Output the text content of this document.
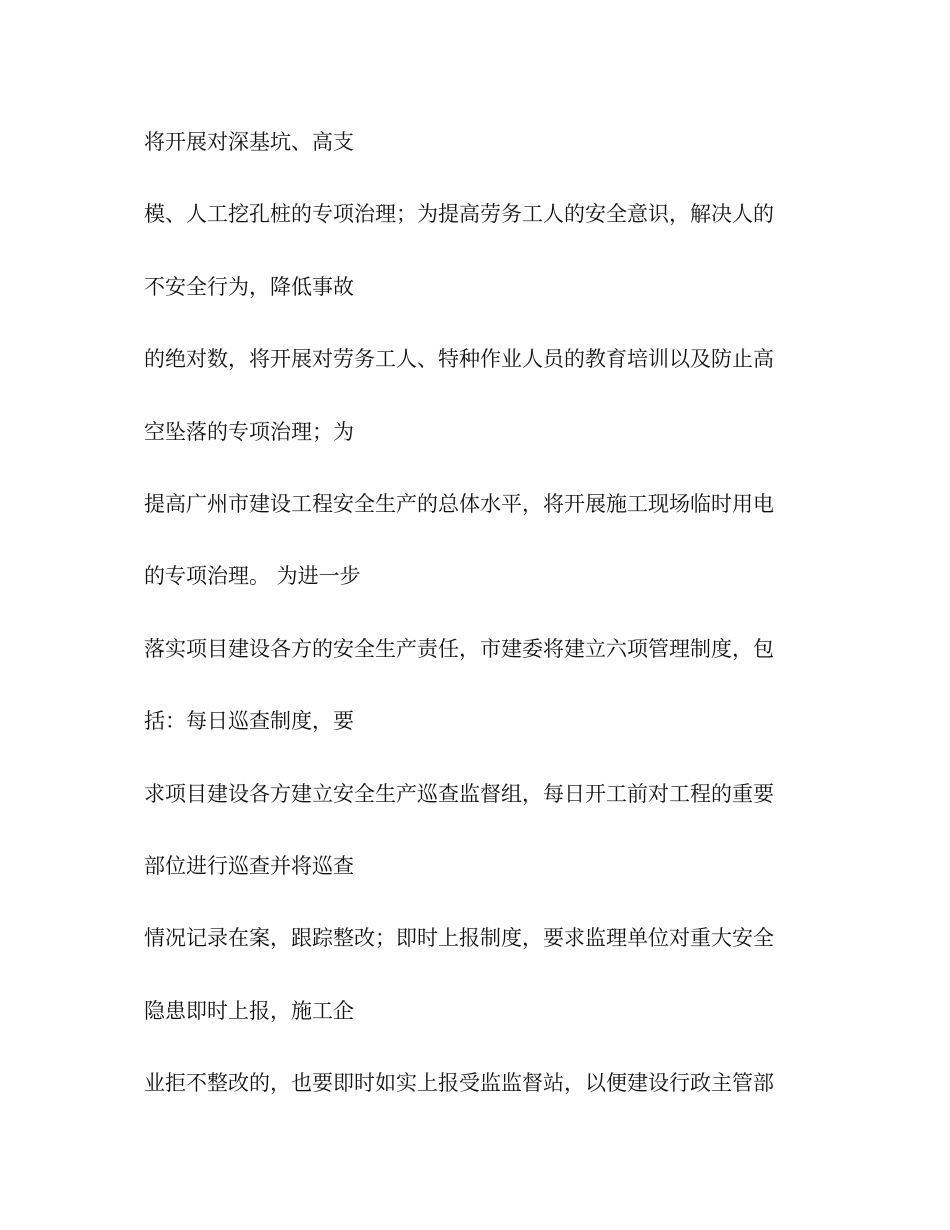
将开展对深基坑、高支
模、人工挖孔桩的专项治理；为提高劳务工人的安全意识，解决人的
不安全行为，降低事故
的绝对数，将开展对劳务工人、特种作业人员的教育培训以及防止高
空坠落的专项治理；为
提高广州市建设工程安全生产的总体水平，将开展施工现场临时用电
的专项治理。 为进一步
落实项目建设各方的安全生产责任，市建委将建立六项管理制度，包
括：每日巡查制度，要
求项目建设各方建立安全生产巡查监督组，每日开工前对工程的重要
部位进行巡查并将巡查
情况记录在案，跟踪整改；即时上报制度，要求监理单位对重大安全
隐患即时上报，施工企
业拒不整改的，也要即时如实上报受监监督站，以便建设行政主管部
